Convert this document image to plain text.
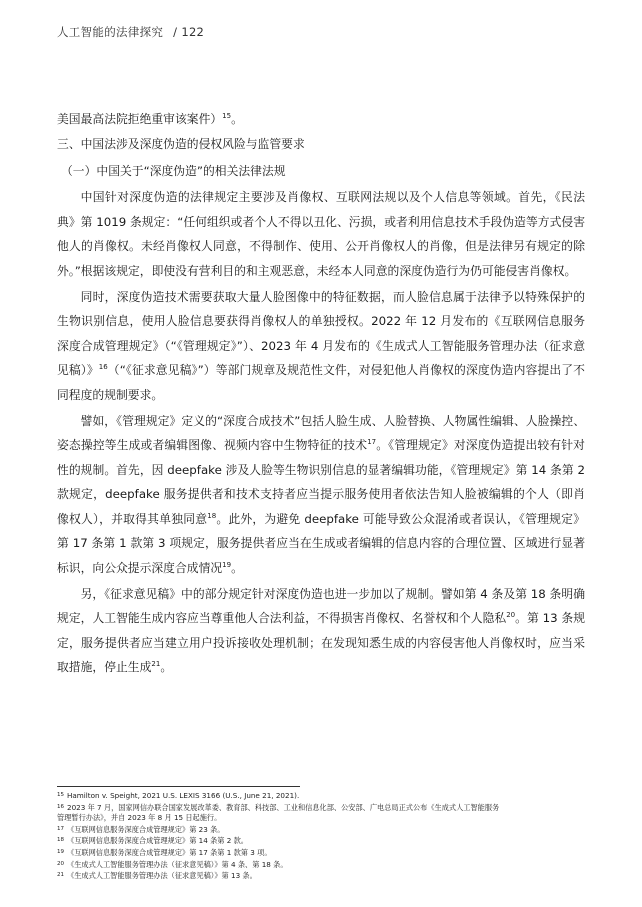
人工智能的法律探究 / 122
美国最高法院拒绝重审该案件）$^{15}$。
三、中国法涉及深度伪造的侵权风险与监管要求
（一）中国关于“深度伪造”的相关法律法规

中国针对深度伪造的法律规定主要涉及肖像权、互联网法规以及个人信息等领域。首先，《民法典》第 1019 条规定：“任何组织或者个人不得以丑化、污损，或者利用信息技术手段伪造等方式侵害他人的肖像权。未经肖像权人同意，不得制作、使用、公开肖像权人的肖像，但是法律另有规定的除外。”根据该规定，即使没有营利目的和主观恶意，未经本人同意的深度伪造行为仍可能侵害肖像权。

同时，深度伪造技术需要获取大量人脸图像中的特征数据，而人脸信息属于法律予以特殊保护的生物识别信息，使用人脸信息要获得肖像权人的单独授权。2022 年 12 月发布的《互联网信息服务深度合成管理规定》（“《管理规定》”）、2023 年 4 月发布的《生成式人工智能服务管理办法（征求意见稿）》$^{16}$（“《征求意见稿》”）等部门规章及规范性文件，对侵犯他人肖像权的深度伪造内容提出了不同程度的规制要求。

譬如，《管理规定》定义的“深度合成技术”包括人脸生成、人脸替换、人物属性编辑、人脸操控、姿态操控等生成或者编辑图像、视频内容中生物特征的技术$^{17}$。《管理规定》对深度伪造提出较有针对性的规制。首先，因 deepfake 涉及人脸等生物识别信息的显著编辑功能，《管理规定》第 14 条第 2 款规定，deepfake 服务提供者和技术支持者应当提示服务使用者依法告知人脸被编辑的个人（即肖像权人），并取得其单独同意$^{18}$。此外，为避免 deepfake 可能导致公众混淆或者误认，《管理规定》第 17 条第 1 款第 3 项规定，服务提供者应当在生成或者编辑的信息内容的合理位置、区域进行显著标识，向公众提示深度合成情况$^{19}$。

另，《征求意见稿》中的部分规定针对深度伪造也进一步加以了规制。譬如第 4 条及第 18 条明确规定，人工智能生成内容应当尊重他人合法利益，不得损害肖像权、名誉权和个人隐私$^{20}$。第 13 条规定，服务提供者应当建立用户投诉接收处理机制；在发现知悉生成的内容侵害他人肖像权时，应当采取措施，停止生成$^{21}$。

15 Hamilton v. Speight, 2021 U.S. LEXIS 3166 (U.S., June 21, 2021).
16 2023 年 7 月，国家网信办联合国家发展改革委、教育部、科技部、工业和信息化部、公安部、广电总局正式公布《生成式人工智能服务
管理暂行办法》，并自 2023 年 8 月 15 日起施行。
17 《互联网信息服务深度合成管理规定》第 23 条。
18 《互联网信息服务深度合成管理规定》第 14 条第 2 款。
19 《互联网信息服务深度合成管理规定》第 17 条第 1 款第 3 项。
20 《生成式人工智能服务管理办法（征求意见稿）》第 4 条、第 18 条。
21 《生成式人工智能服务管理办法（征求意见稿）》第 13 条。
